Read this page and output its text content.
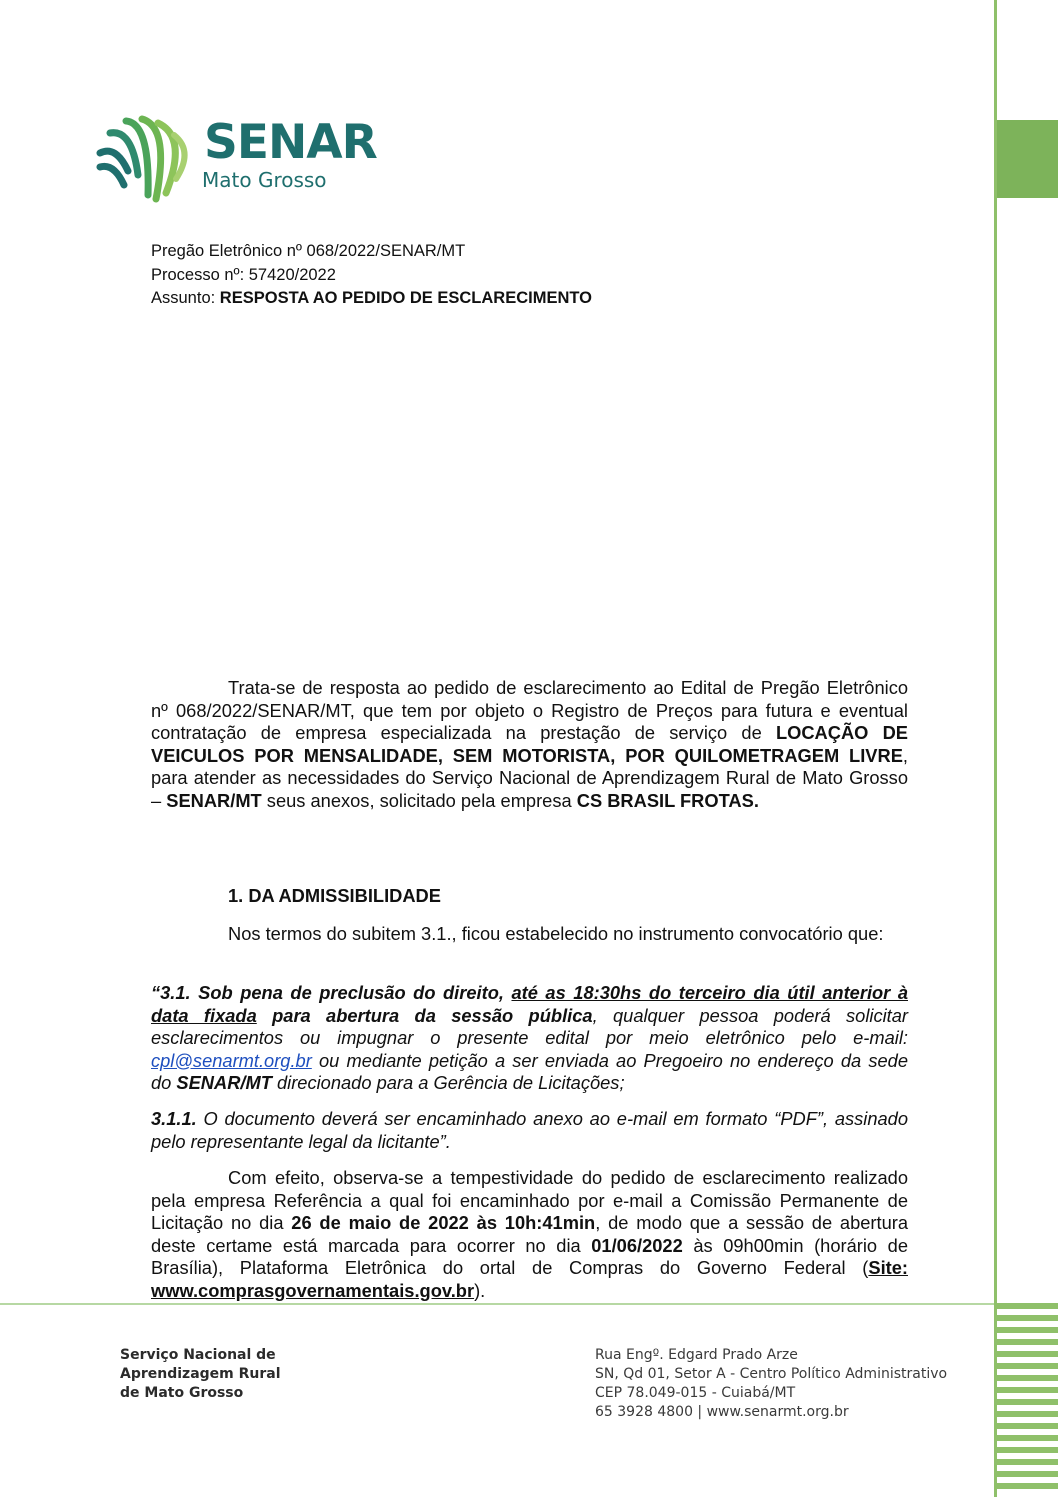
SENAR
Mato Grosso
Pregão Eletrônico nº 068/2022/SENAR/MT
Processo nº: 57420/2022
Assunto: RESPOSTA AO PEDIDO DE ESCLARECIMENTO
Trata-se de resposta ao pedido de esclarecimento ao Edital de Pregão Eletrônico nº 068/2022/SENAR/MT, que tem por objeto o Registro de Preços para futura e eventual contratação de empresa especializada na prestação de serviço de LOCAÇÃO DE VEICULOS POR MENSALIDADE, SEM MOTORISTA, POR QUILOMETRAGEM LIVRE, para atender as necessidades do Serviço Nacional de Aprendizagem Rural de Mato Grosso – SENAR/MT seus anexos, solicitado pela empresa CS BRASIL FROTAS.
1. DA ADMISSIBILIDADE
Nos termos do subitem 3.1., ficou estabelecido no instrumento convocatório que:

“3.1. Sob pena de preclusão do direito, até as 18:30hs do terceiro dia útil anterior à data fixada para abertura da sessão pública, qualquer pessoa poderá solicitar esclarecimentos ou impugnar o presente edital por meio eletrônico pelo e-mail: cpl@senarmt.org.br ou mediante petição a ser enviada ao Pregoeiro no endereço da sede do SENAR/MT direcionado para a Gerência de Licitações;

3.1.1. O documento deverá ser encaminhado anexo ao e-mail em formato “PDF”, assinado pelo representante legal da licitante”.

Com efeito, observa-se a tempestividade do pedido de esclarecimento realizado pela empresa Referência a qual foi encaminhado por e-mail a Comissão Permanente de Licitação no dia 26 de maio de 2022 às 10h:41min, de modo que a sessão de abertura deste certame está marcada para ocorrer no dia 01/06/2022 às 09h00min (horário de Brasília), Plataforma Eletrônica do ortal de Compras do Governo Federal (Site: www.comprasgovernamentais.gov.br).
Serviço Nacional de
Aprendizagem Rural
de Mato Grosso
Rua Engº. Edgard Prado Arze
SN, Qd 01, Setor A - Centro Político Administrativo
CEP 78.049-015 - Cuiabá/MT
65 3928 4800 | www.senarmt.org.br
